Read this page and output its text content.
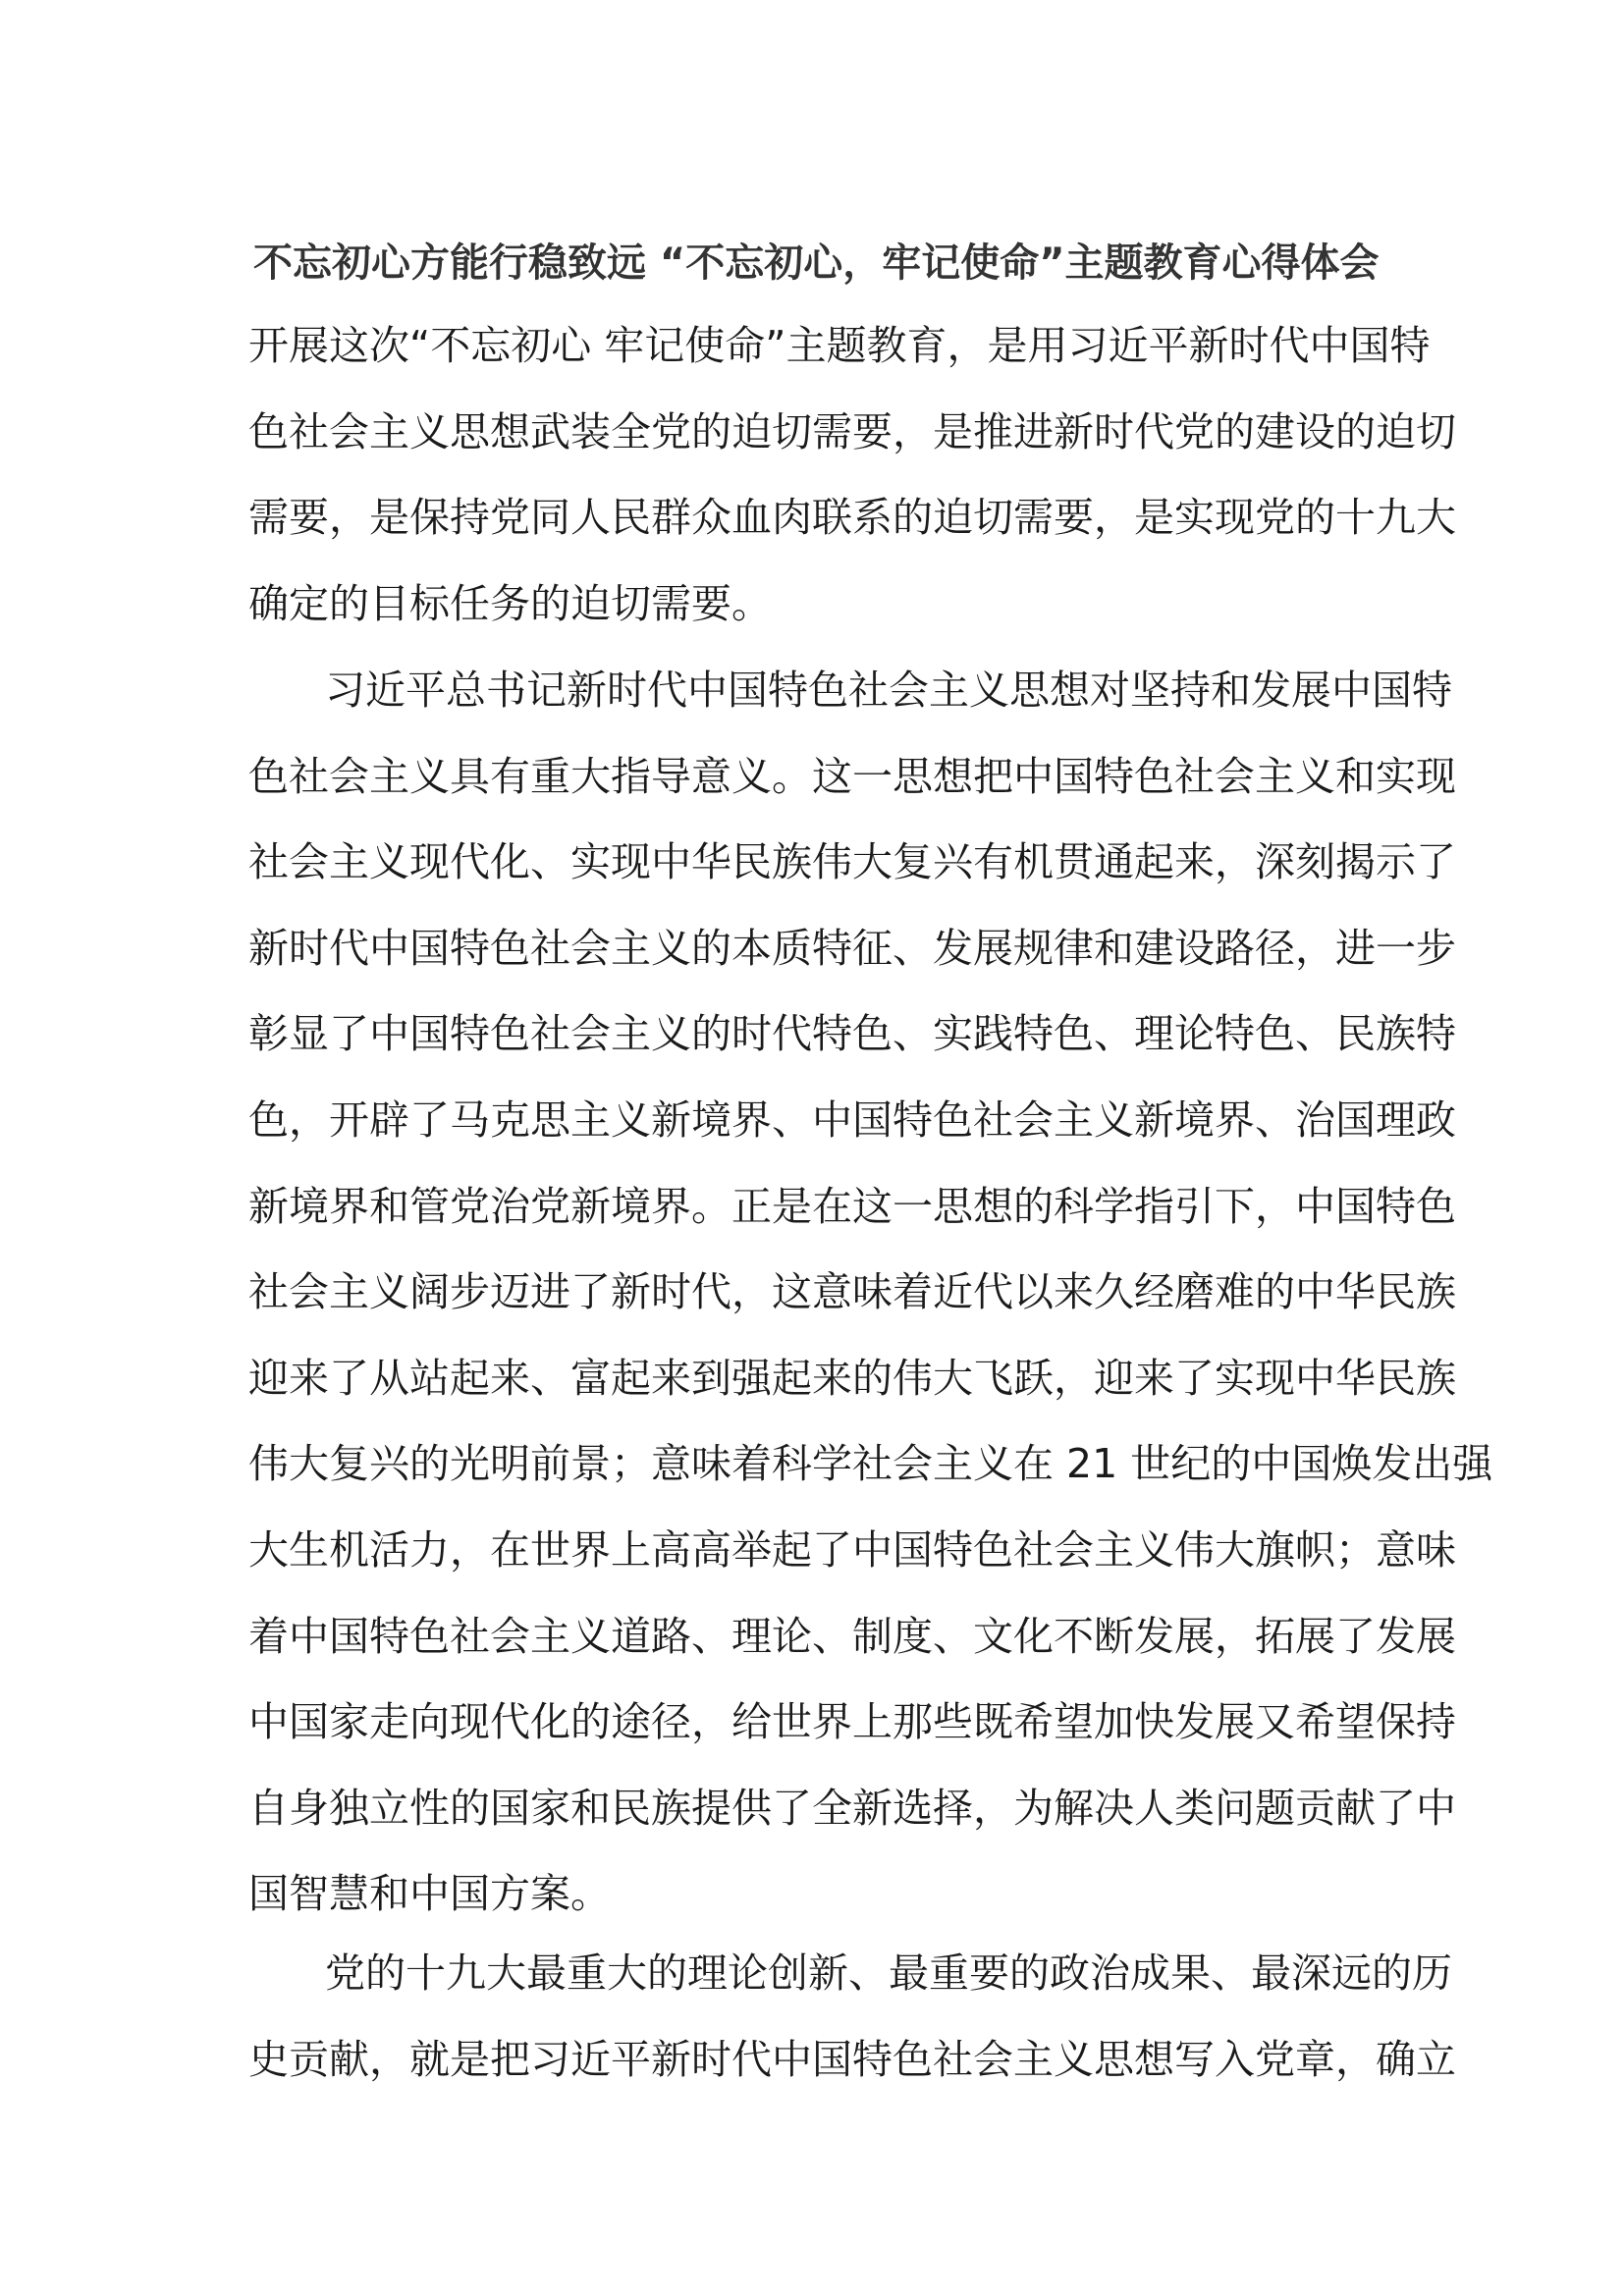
不忘初心方能行稳致远 “不忘初心，牢记使命”主题教育心得体会
开展这次“不忘初心 牢记使命”主题教育，是用习近平新时代中国特
色社会主义思想武装全党的迫切需要，是推进新时代党的建设的迫切
需要，是保持党同人民群众血肉联系的迫切需要，是实现党的十九大
确定的目标任务的迫切需要。
习近平总书记新时代中国特色社会主义思想对坚持和发展中国特
色社会主义具有重大指导意义。这一思想把中国特色社会主义和实现
社会主义现代化、实现中华民族伟大复兴有机贯通起来，深刻揭示了
新时代中国特色社会主义的本质特征、发展规律和建设路径，进一步
彰显了中国特色社会主义的时代特色、实践特色、理论特色、民族特
色，开辟了马克思主义新境界、中国特色社会主义新境界、治国理政
新境界和管党治党新境界。正是在这一思想的科学指引下，中国特色
社会主义阔步迈进了新时代，这意味着近代以来久经磨难的中华民族
迎来了从站起来、富起来到强起来的伟大飞跃，迎来了实现中华民族
伟大复兴的光明前景；意味着科学社会主义在 21 世纪的中国焕发出强
大生机活力，在世界上高高举起了中国特色社会主义伟大旗帜；意味
着中国特色社会主义道路、理论、制度、文化不断发展，拓展了发展
中国家走向现代化的途径，给世界上那些既希望加快发展又希望保持
自身独立性的国家和民族提供了全新选择，为解决人类问题贡献了中
国智慧和中国方案。
党的十九大最重大的理论创新、最重要的政治成果、最深远的历
史贡献，就是把习近平新时代中国特色社会主义思想写入党章，确立
